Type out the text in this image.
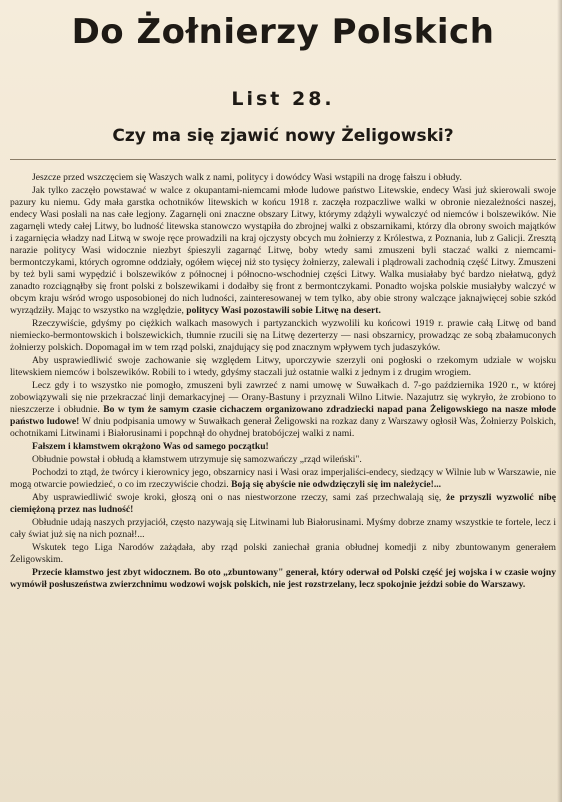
Do Żołnierzy Polskich
List 28.
Czy ma się zjawić nowy Żeligowski?

Jeszcze przed wszczęciem się Waszych walk z nami, politycy i dowódcy Wasi wstąpili na drogę fałszu i obłudy.

Jak tylko zaczęło powstawać w walce z okupantami-niemcami młode ludowe państwo Litewskie, endecy Wasi już skierowali swoje pazury ku niemu. Gdy mała garstka ochotników litewskich w końcu 1918 r. zaczęła rozpaczliwe walki w obronie niezależności naszej, endecy Wasi posłali na nas całe legjony. Zagarnęli oni znaczne obszary Litwy, którymy zdążyli wywalczyć od niemców i bolszewików. Nie zagarnęli wtedy całej Litwy, bo ludność litewska stanowczo wystąpiła do zbrojnej walki z obszarnikami, którzy dla obrony swoich majątków i zagarnięcia władzy nad Litwą w swoje ręce prowadzili na kraj ojczysty obcych mu żołnierzy z Królestwa, z Poznania, lub z Galicji. Zresztą narazie politycy Wasi widocznie niezbyt śpieszyli zagarnąć Litwę, boby wtedy sami zmuszeni byli staczać walki z niemcami-bermontczykami, których ogromne oddziały, ogółem więcej niż sto tysięcy żołnierzy, zalewali i plądrowali zachodnią część Litwy. Zmuszeni by też byli sami wypędzić i bolszewików z północnej i północno-wschodniej części Litwy. Walka musiałaby być bardzo niełatwą, gdyż zanadto rozciągnąłby się front polski z bolszewikami i dodałby się front z bermontczykami. Ponadto wojska polskie musiałyby walczyć w obcym kraju wśród wrogo usposobionej do nich ludności, zainteresowanej w tem tylko, aby obie strony walczące jaknajwięcej sobie szkód wyrządziły. Mając to wszystko na względzie, politycy Wasi pozostawili sobie Litwę na desert.

Rzeczywiście, gdyśmy po ciężkich walkach masowych i partyzanckich wyzwolili ku końcowi 1919 r. prawie całą Litwę od band niemiecko-bermontowskich i bolszewickich, tłumnie rzucili się na Litwę dezerterzy — nasi obszarnicy, prowadząc ze sobą zbałamuconych żołnierzy polskich. Dopomagał im w tem rząd polski, znajdujący się pod znacznym wpływem tych judaszyków.

Aby usprawiedliwić swoje zachowanie się względem Litwy, uporczywie szerzyli oni pogłoski o rzekomym udziale w wojsku litewskiem niemców i bolszewików. Robili to i wtedy, gdyśmy staczali już ostatnie walki z jednym i z drugim wrogiem.

Lecz gdy i to wszystko nie pomogło, zmuszeni byli zawrzeć z nami umowę w Suwałkach d. 7-go października 1920 r., w której zobowiązywali się nie przekraczać linji demarkacyjnej — Orany-Bastuny i przyznali Wilno Litwie. Nazajutrz się wykryło, że zrobiono to nieszczerze i obłudnie. Bo w tym że samym czasie cichaczem organizowano zdradziecki napad pana Żeligowskiego na nasze młode państwo ludowe! W dniu podpisania umowy w Suwałkach generał Żeligowski na rozkaz dany z Warszawy ogłosił Was, Żołnierzy Polskich, ochotnikami Litwinami i Białorusinami i popchnął do ohydnej bratobójczej walki z nami.

Fałszem i kłamstwem okrążono Was od samego początku!

Obłudnie powstał i obłudą a kłamstwem utrzymuje się samozwańczy „rząd wileński".

Pochodzi to ztąd, że twórcy i kierownicy jego, obszarnicy nasi i Wasi oraz imperjaliści-endecy, siedzący w Wilnie lub w Warszawie, nie mogą otwarcie powiedzieć, o co im rzeczywiście chodzi. Boją się abyście nie odwdzięczyli się im należycie!...

Aby usprawiedliwić swoje kroki, głoszą oni o nas niestworzone rzeczy, sami zaś przechwalają się, że przyszli wyzwolić nibę ciemiężoną przez nas ludność!

Obłudnie udają naszych przyjaciół, często nazywają się Litwinami lub Białorusinami. Myśmy dobrze znamy wszystkie te fortele, lecz i cały świat już się na nich poznał!...

Wskutek tego Liga Narodów zażądała, aby rząd polski zaniechał grania obłudnej komedji z niby zbuntowanym generałem Żeligowskim.

Przecie kłamstwo jest zbyt widocznem. Bo oto „zbuntowany" generał, który oderwał od Polski część jej wojska i w czasie wojny wymówił posłuszeństwa zwierzchnimu wodzowi wojsk polskich, nie jest rozstrzelany, lecz spokojnie jeździ sobie do Warszawy.
